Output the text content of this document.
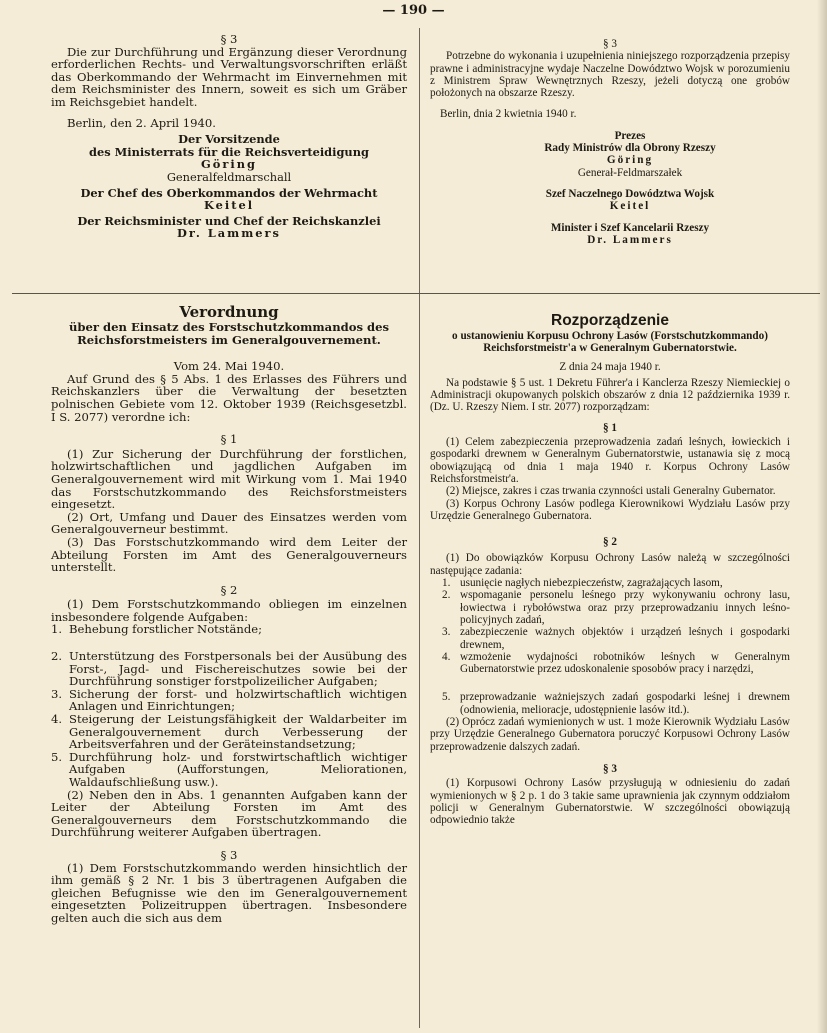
— 190 —

§ 3

Die zur Durchführung und Ergänzung dieser Verordnung erforderlichen Rechts- und Verwaltungsvorschriften erläßt das Oberkommando der Wehrmacht im Einvernehmen mit dem Reichsminister des Innern, soweit es sich um Gräber im Reichsgebiet handelt.

Berlin, den 2. April 1940.

Der Vorsitzende

des Ministerrats für die Reichsverteidigung

Göring

Generalfeldmarschall

Der Chef des Oberkommandos der Wehrmacht

Keitel

Der Reichsminister und Chef der Reichskanzlei

Dr. Lammers

§ 3

Potrzebne do wykonania i uzupełnienia niniejszego rozporządzenia przepisy prawne i administracyjne wydaje Naczelne Dowództwo Wojsk w porozumieniu z Ministrem Spraw Wewnętrznych Rzeszy, jeżeli dotyczą one grobów położonych na obszarze Rzeszy.

Berlin, dnia 2 kwietnia 1940 r.

Prezes

Rady Ministrów dla Obrony Rzeszy

Göring

Generał-Feldmarszałek

Szef Naczelnego Dowództwa Wojsk

Keitel

Minister i Szef Kancelarii Rzeszy

Dr. Lammers

Verordnung

über den Einsatz des Forstschutzkommandos des Reichsforstmeisters im Generalgouvernement.

Vom 24. Mai 1940.

Auf Grund des § 5 Abs. 1 des Erlasses des Führers und Reichskanzlers über die Verwaltung der besetzten polnischen Gebiete vom 12. Oktober 1939 (Reichsgesetzbl. I S. 2077) verordne ich:

§ 1

(1) Zur Sicherung der Durchführung der forstlichen, holzwirtschaftlichen und jagdlichen Aufgaben im Generalgouvernement wird mit Wirkung vom 1. Mai 1940 das Forstschutzkommando des Reichsforstmeisters eingesetzt.

(2) Ort, Umfang und Dauer des Einsatzes werden vom Generalgouverneur bestimmt.

(3) Das Forstschutzkommando wird dem Leiter der Abteilung Forsten im Amt des Generalgouverneurs unterstellt.

§ 2

(1) Dem Forstschutzkommando obliegen im einzelnen insbesondere folgende Aufgaben:

1. Behebung forstlicher Notstände;
2. Unterstützung des Forstpersonals bei der Ausübung des Forst-, Jagd- und Fischereischutzes sowie bei der Durchführung sonstiger forstpolizeilicher Aufgaben;
3. Sicherung der forst- und holzwirtschaftlich wichtigen Anlagen und Einrichtungen;
4. Steigerung der Leistungsfähigkeit der Waldarbeiter im Generalgouvernement durch Verbesserung der Arbeitsverfahren und der Geräteinstandsetzung;
5. Durchführung holz- und forstwirtschaftlich wichtiger Aufgaben (Aufforstungen, Meliorationen, Waldaufschließung usw.).

(2) Neben den in Abs. 1 genannten Aufgaben kann der Leiter der Abteilung Forsten im Amt des Generalgouverneurs dem Forstschutzkommando die Durchführung weiterer Aufgaben übertragen.

§ 3

(1) Dem Forstschutzkommando werden hinsichtlich der ihm gemäß § 2 Nr. 1 bis 3 übertragenen Aufgaben die gleichen Befugnisse wie den im Generalgouvernement eingesetzten Polizeitruppen übertragen. Insbesondere gelten auch die sich aus dem

Rozporządzenie

o ustanowieniu Korpusu Ochrony Lasów (Forstschutzkommando) Reichsforstmeistr'a w Generalnym Gubernatorstwie.

Z dnia 24 maja 1940 r.

Na podstawie § 5 ust. 1 Dekretu Führer'a i Kanclerza Rzeszy Niemieckiej o Administracji okupowanych polskich obszarów z dnia 12 października 1939 r. (Dz. U. Rzeszy Niem. I str. 2077) rozporządzam:

§ 1

(1) Celem zabezpieczenia przeprowadzenia zadań leśnych, łowieckich i gospodarki drewnem w Generalnym Gubernatorstwie, ustanawia się z mocą obowiązującą od dnia 1 maja 1940 r. Korpus Ochrony Lasów Reichsforstmeistr'a.

(2) Miejsce, zakres i czas trwania czynności ustali Generalny Gubernator.

(3) Korpus Ochrony Lasów podlega Kierownikowi Wydziału Lasów przy Urzędzie Generalnego Gubernatora.

§ 2

(1) Do obowiązków Korpusu Ochrony Lasów należą w szczególności następujące zadania:

1. usunięcie nagłych niebezpieczeństw, zagrażających lasom,
2. wspomaganie personelu leśnego przy wykonywaniu ochrony lasu, łowiectwa i rybołówstwa oraz przy przeprowadzaniu innych leśno-policyjnych zadań,
3. zabezpieczenie ważnych objektów i urządzeń leśnych i gospodarki drewnem,
4. wzmożenie wydajności robotników leśnych w Generalnym Gubernatorstwie przez udoskonalenie sposobów pracy i narzędzi,
5. przeprowadzanie ważniejszych zadań gospodarki leśnej i drewnem (odnowienia, melioracje, udostępnienie lasów itd.).

(2) Oprócz zadań wymienionych w ust. 1 może Kierownik Wydziału Lasów przy Urzędzie Generalnego Gubernatora poruczyć Korpusowi Ochrony Lasów przeprowadzenie dalszych zadań.

§ 3

(1) Korpusowi Ochrony Lasów przysługują w odniesieniu do zadań wymienionych w § 2 p. 1 do 3 takie same uprawnienia jak czynnym oddziałom policji w Generalnym Gubernatorstwie. W szczególności obowiązują odpowiednio także
